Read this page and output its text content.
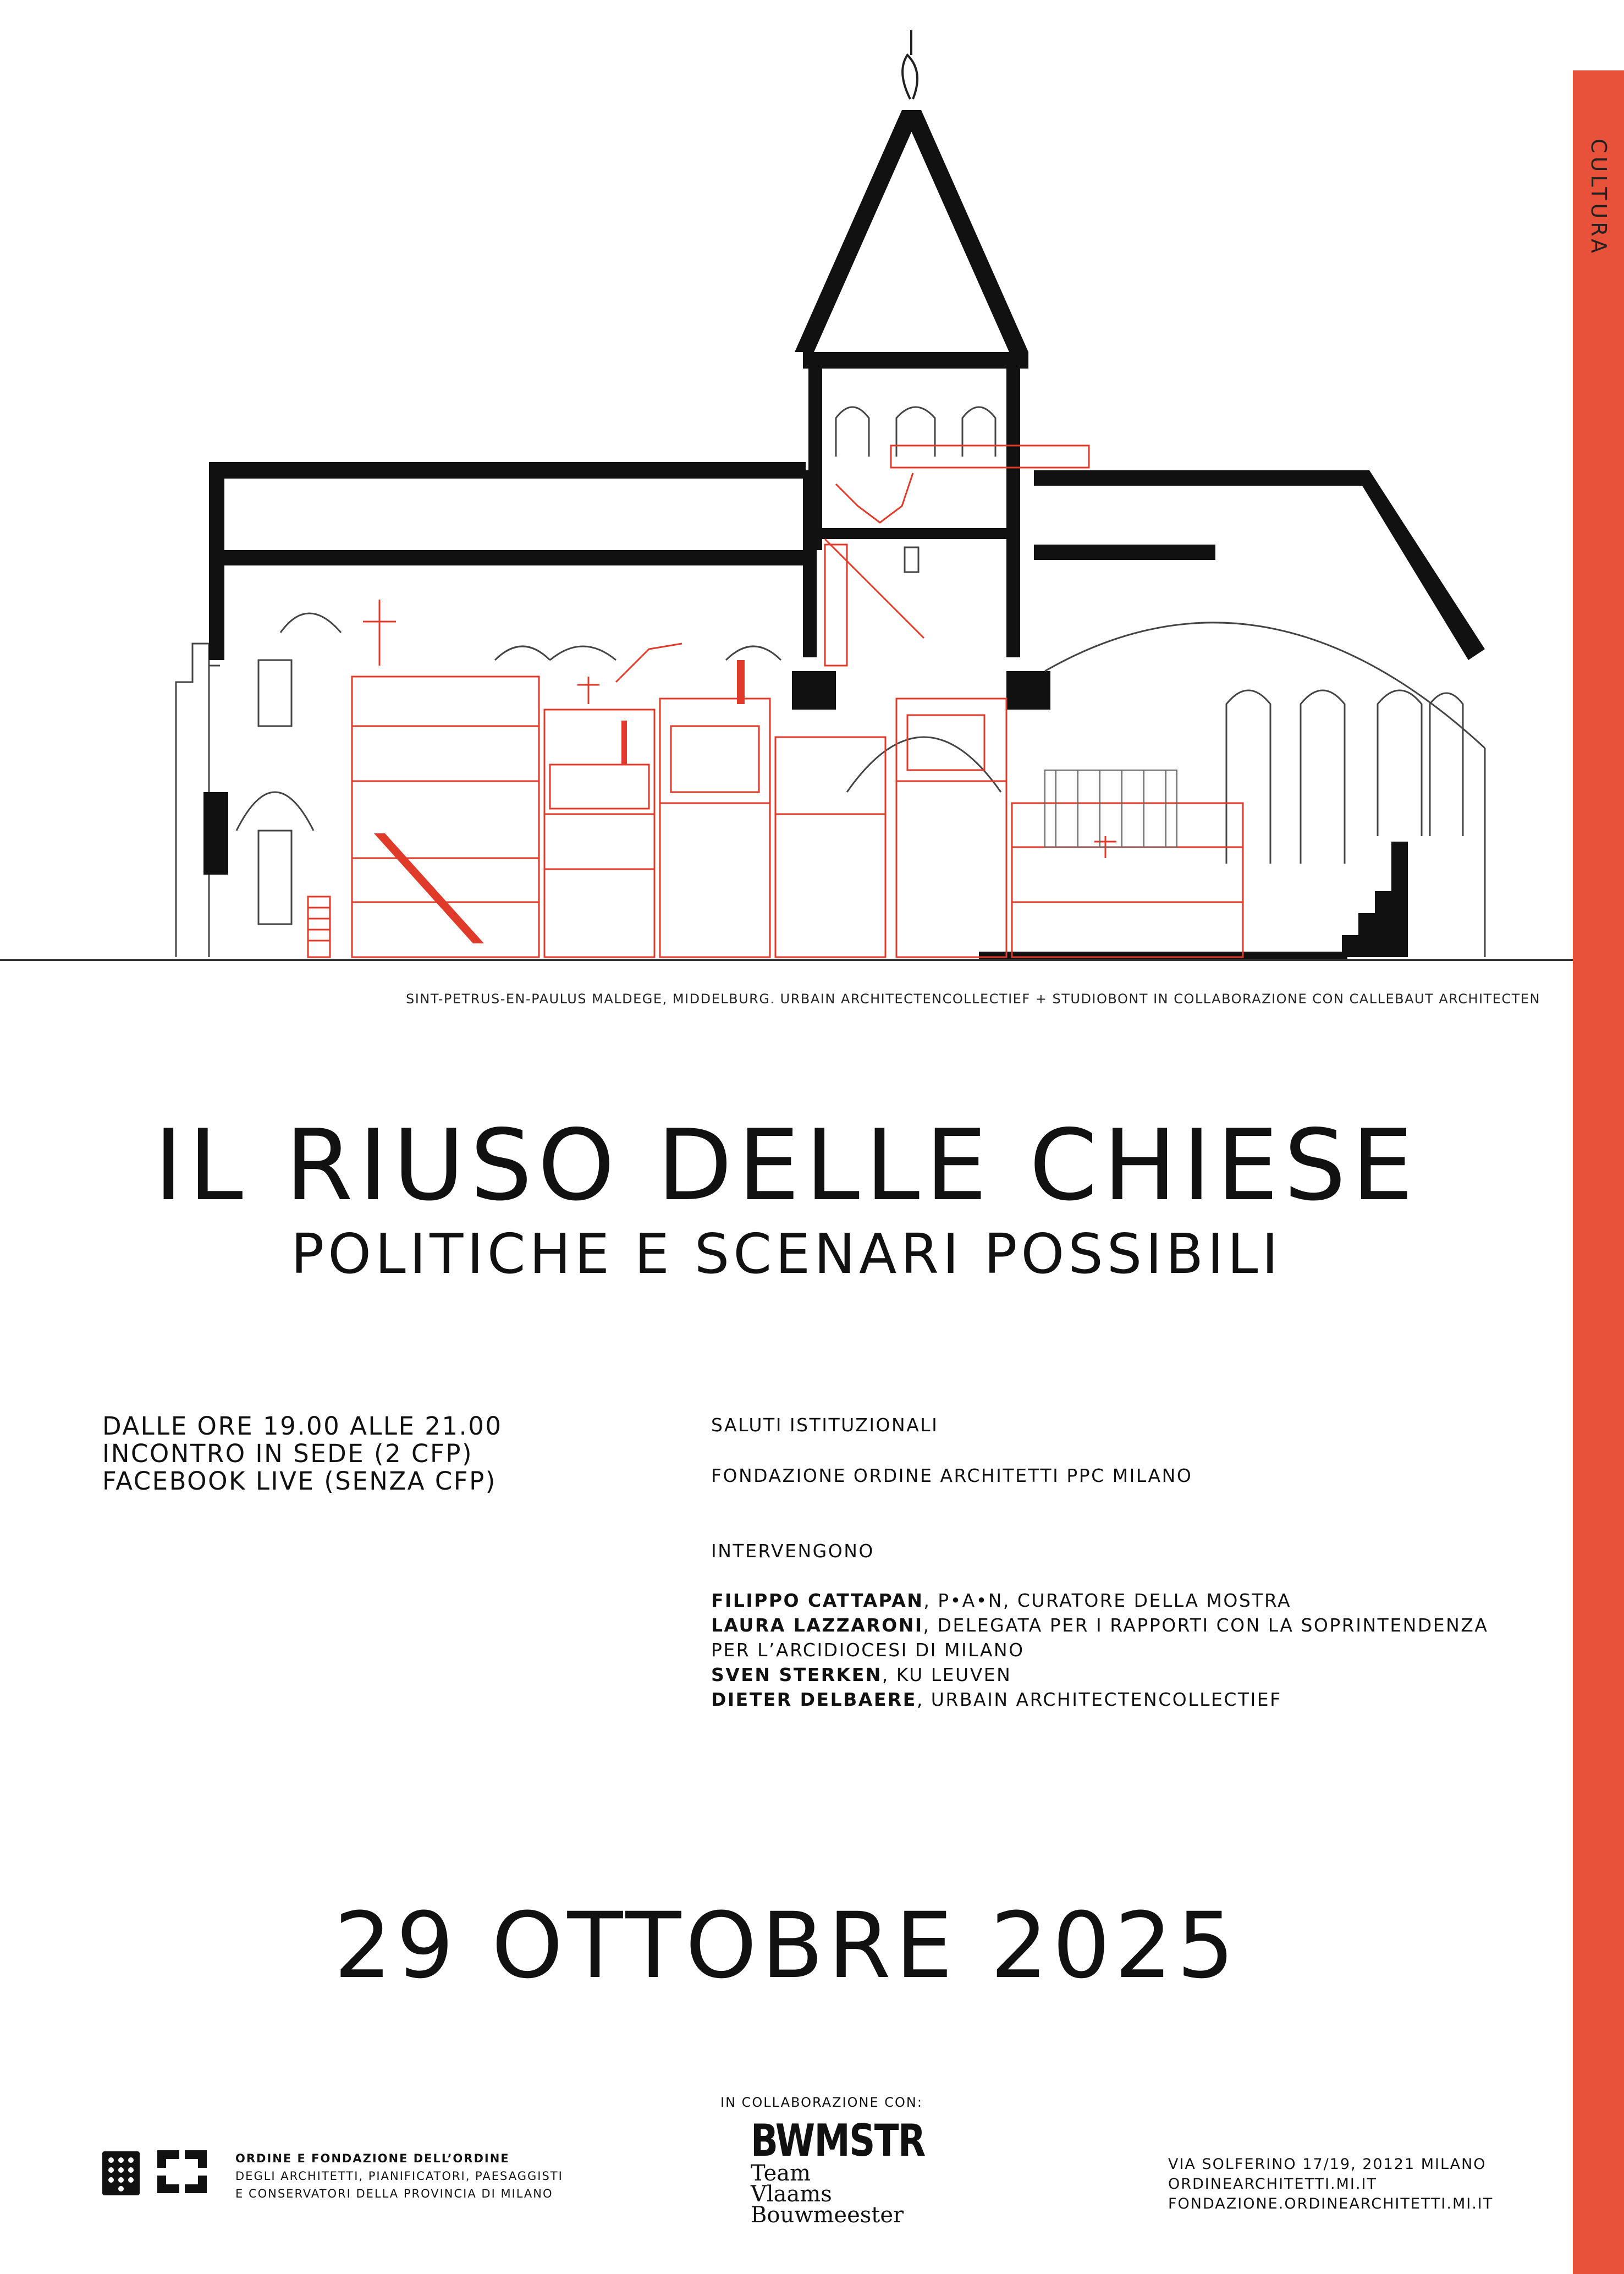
CULTURA
SINT-PETRUS-EN-PAULUS MALDEGE, MIDDELBURG. URBAIN ARCHITECTENCOLLECTIEF + STUDIOBONT IN COLLABORAZIONE CON CALLEBAUT ARCHITECTEN
IL RIUSO DELLE CHIESE
POLITICHE E SCENARI POSSIBILI
DALLE ORE 19.00 ALLE 21.00
INCONTRO IN SEDE (2 CFP)
FACEBOOK LIVE (SENZA CFP)
SALUTI ISTITUZIONALI
FONDAZIONE ORDINE ARCHITETTI PPC MILANO
INTERVENGONO
FILIPPO CATTAPAN, P•A•N, CURATORE DELLA MOSTRA
LAURA LAZZARONI, DELEGATA PER I RAPPORTI CON LA SOPRINTENDENZA
PER L’ARCIDIOCESI DI MILANO
SVEN STERKEN, KU LEUVEN
DIETER DELBAERE, URBAIN ARCHITECTENCOLLECTIEF
29 OTTOBRE 2025
IN COLLABORAZIONE CON:
BWMSTR
Team
Vlaams
Bouwmeester
ORDINE E FONDAZIONE DELL’ORDINE
DEGLI ARCHITETTI, PIANIFICATORI, PAESAGGISTI
E CONSERVATORI DELLA PROVINCIA DI MILANO
VIA SOLFERINO 17/19, 20121 MILANO
ORDINEARCHITETTI.MI.IT
FONDAZIONE.ORDINEARCHITETTI.MI.IT
